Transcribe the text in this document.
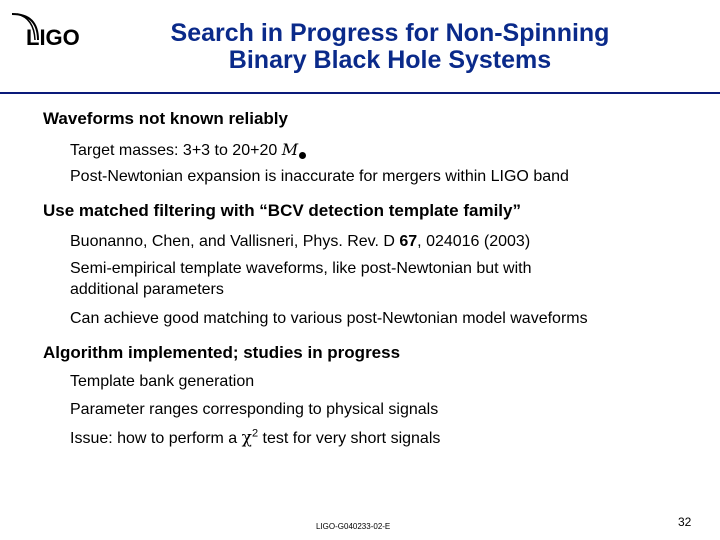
LIGO	Search in Progress for Non-Spinning
Binary Black Hole Systems
Waveforms not known reliably
Target masses: 3+3 to 20+20 M
Post-Newtonian expansion is inaccurate for mergers within LIGO band
Use matched filtering with “BCV detection template family”
Buonanno, Chen, and Vallisneri, Phys. Rev. D 67, 024016 (2003)
Semi-empirical template waveforms, like post-Newtonian but with
additional parameters
Can achieve good matching to various post-Newtonian model waveforms
Algorithm implemented; studies in progress
Template bank generation
Parameter ranges corresponding to physical signals
Issue: how to perform a $\chi^2$ test for very short signals
LIGO-G040233-02-E	32
